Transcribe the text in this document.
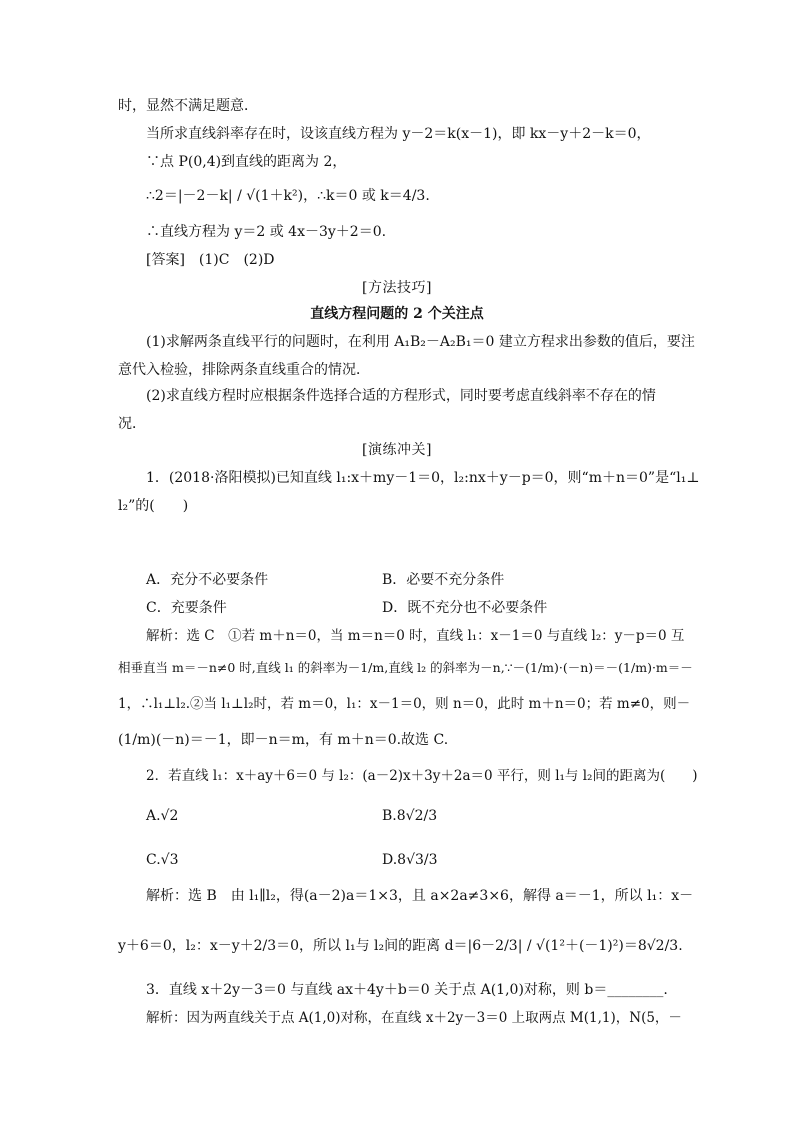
时，显然不满足题意．
当所求直线斜率存在时，设该直线方程为 y－2＝k(x－1)，即 kx－y＋2－k＝0，
∵点 P(0,4)到直线的距离为 2，
∴2＝|－2－k| / √(1＋k²)，∴k＝0 或 k＝4/3.
∴直线方程为 y＝2 或 4x－3y＋2＝0.
[答案]　(1)C　(2)D
[方法技巧]
直线方程问题的 2 个关注点
(1)求解两条直线平行的问题时，在利用 A₁B₂－A₂B₁＝0 建立方程求出参数的值后，要注
意代入检验，排除两条直线重合的情况．
(2)求直线方程时应根据条件选择合适的方程形式，同时要考虑直线斜率不存在的情
况．
[演练冲关]
1．(2018·洛阳模拟)已知直线 l₁:x＋my－1＝0，l₂:nx＋y－p＝0，则“m＋n＝0”是“l₁⊥
l₂”的(　　)
A．充分不必要条件	B．必要不充分条件
C．充要条件	D．既不充分也不必要条件
解析：选 C　①若 m＋n＝0，当 m＝n＝0 时，直线 l₁：x－1＝0 与直线 l₂：y－p＝0 互
相垂直当 m＝－n≠0 时,直线 l₁ 的斜率为－1/m,直线 l₂ 的斜率为－n,∵－(1/m)·(－n)＝－(1/m)·m＝－
1，∴l₁⊥l₂.②当 l₁⊥l₂时，若 m＝0，l₁：x－1＝0，则 n＝0，此时 m＋n＝0；若 m≠0，则－
(1/m)(－n)＝－1，即－n＝m，有 m＋n＝0.故选 C.
2．若直线 l₁：x＋ay＋6＝0 与 l₂：(a－2)x＋3y＋2a＝0 平行，则 l₁与 l₂间的距离为(　　)
A.√2	B.8√2/3
C.√3	D.8√3/3
解析：选 B　由 l₁∥l₂，得(a－2)a＝1×3，且 a×2a≠3×6，解得 a＝－1，所以 l₁：x－
y＋6＝0，l₂：x－y＋2/3＝0，所以 l₁与 l₂间的距离 d＝|6－2/3| / √(1²＋(－1)²)＝8√2/3.
3．直线 x＋2y－3＝0 与直线 ax＋4y＋b＝0 关于点 A(1,0)对称，则 b＝________.
解析：因为两直线关于点 A(1,0)对称，在直线 x＋2y－3＝0 上取两点 M(1,1)，N(5，－
